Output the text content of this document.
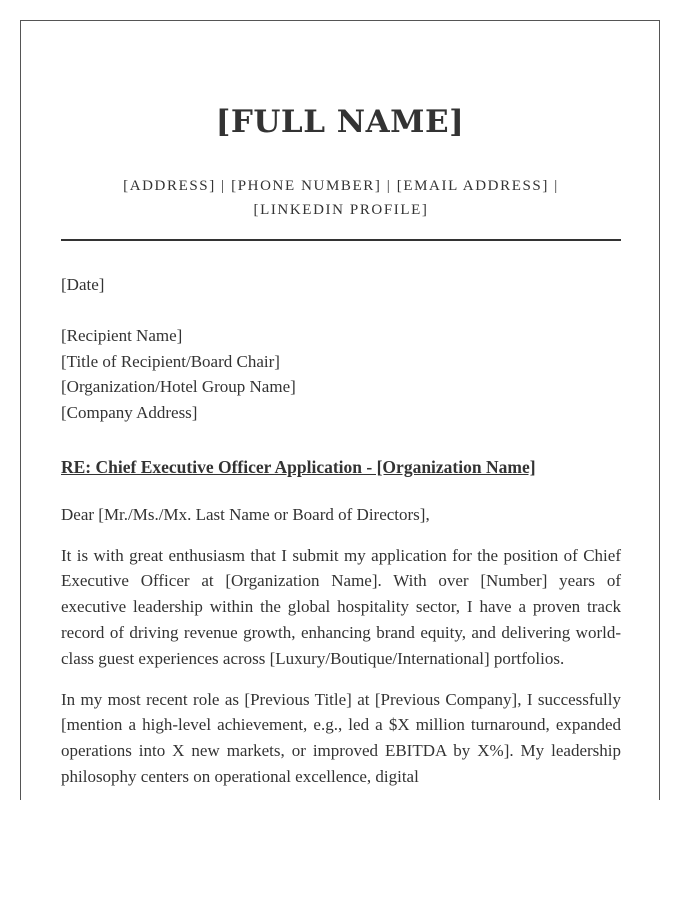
[FULL NAME]
[ADDRESS] | [PHONE NUMBER] | [EMAIL ADDRESS] | [LINKEDIN PROFILE]

[Date]

[Recipient Name]
[Title of Recipient/Board Chair]
[Organization/Hotel Group Name]
[Company Address]

RE: Chief Executive Officer Application - [Organization Name]

Dear [Mr./Ms./Mx. Last Name or Board of Directors],

It is with great enthusiasm that I submit my application for the position of Chief Executive Officer at [Organization Name]. With over [Number] years of executive leadership within the global hospitality sector, I have a proven track record of driving revenue growth, enhancing brand equity, and delivering world-class guest experiences across [Luxury/Boutique/International] portfolios.

In my most recent role as [Previous Title] at [Previous Company], I successfully [mention a high-level achievement, e.g., led a $X million turnaround, expanded operations into X new markets, or improved EBITDA by X%]. My leadership philosophy centers on operational excellence, digital
